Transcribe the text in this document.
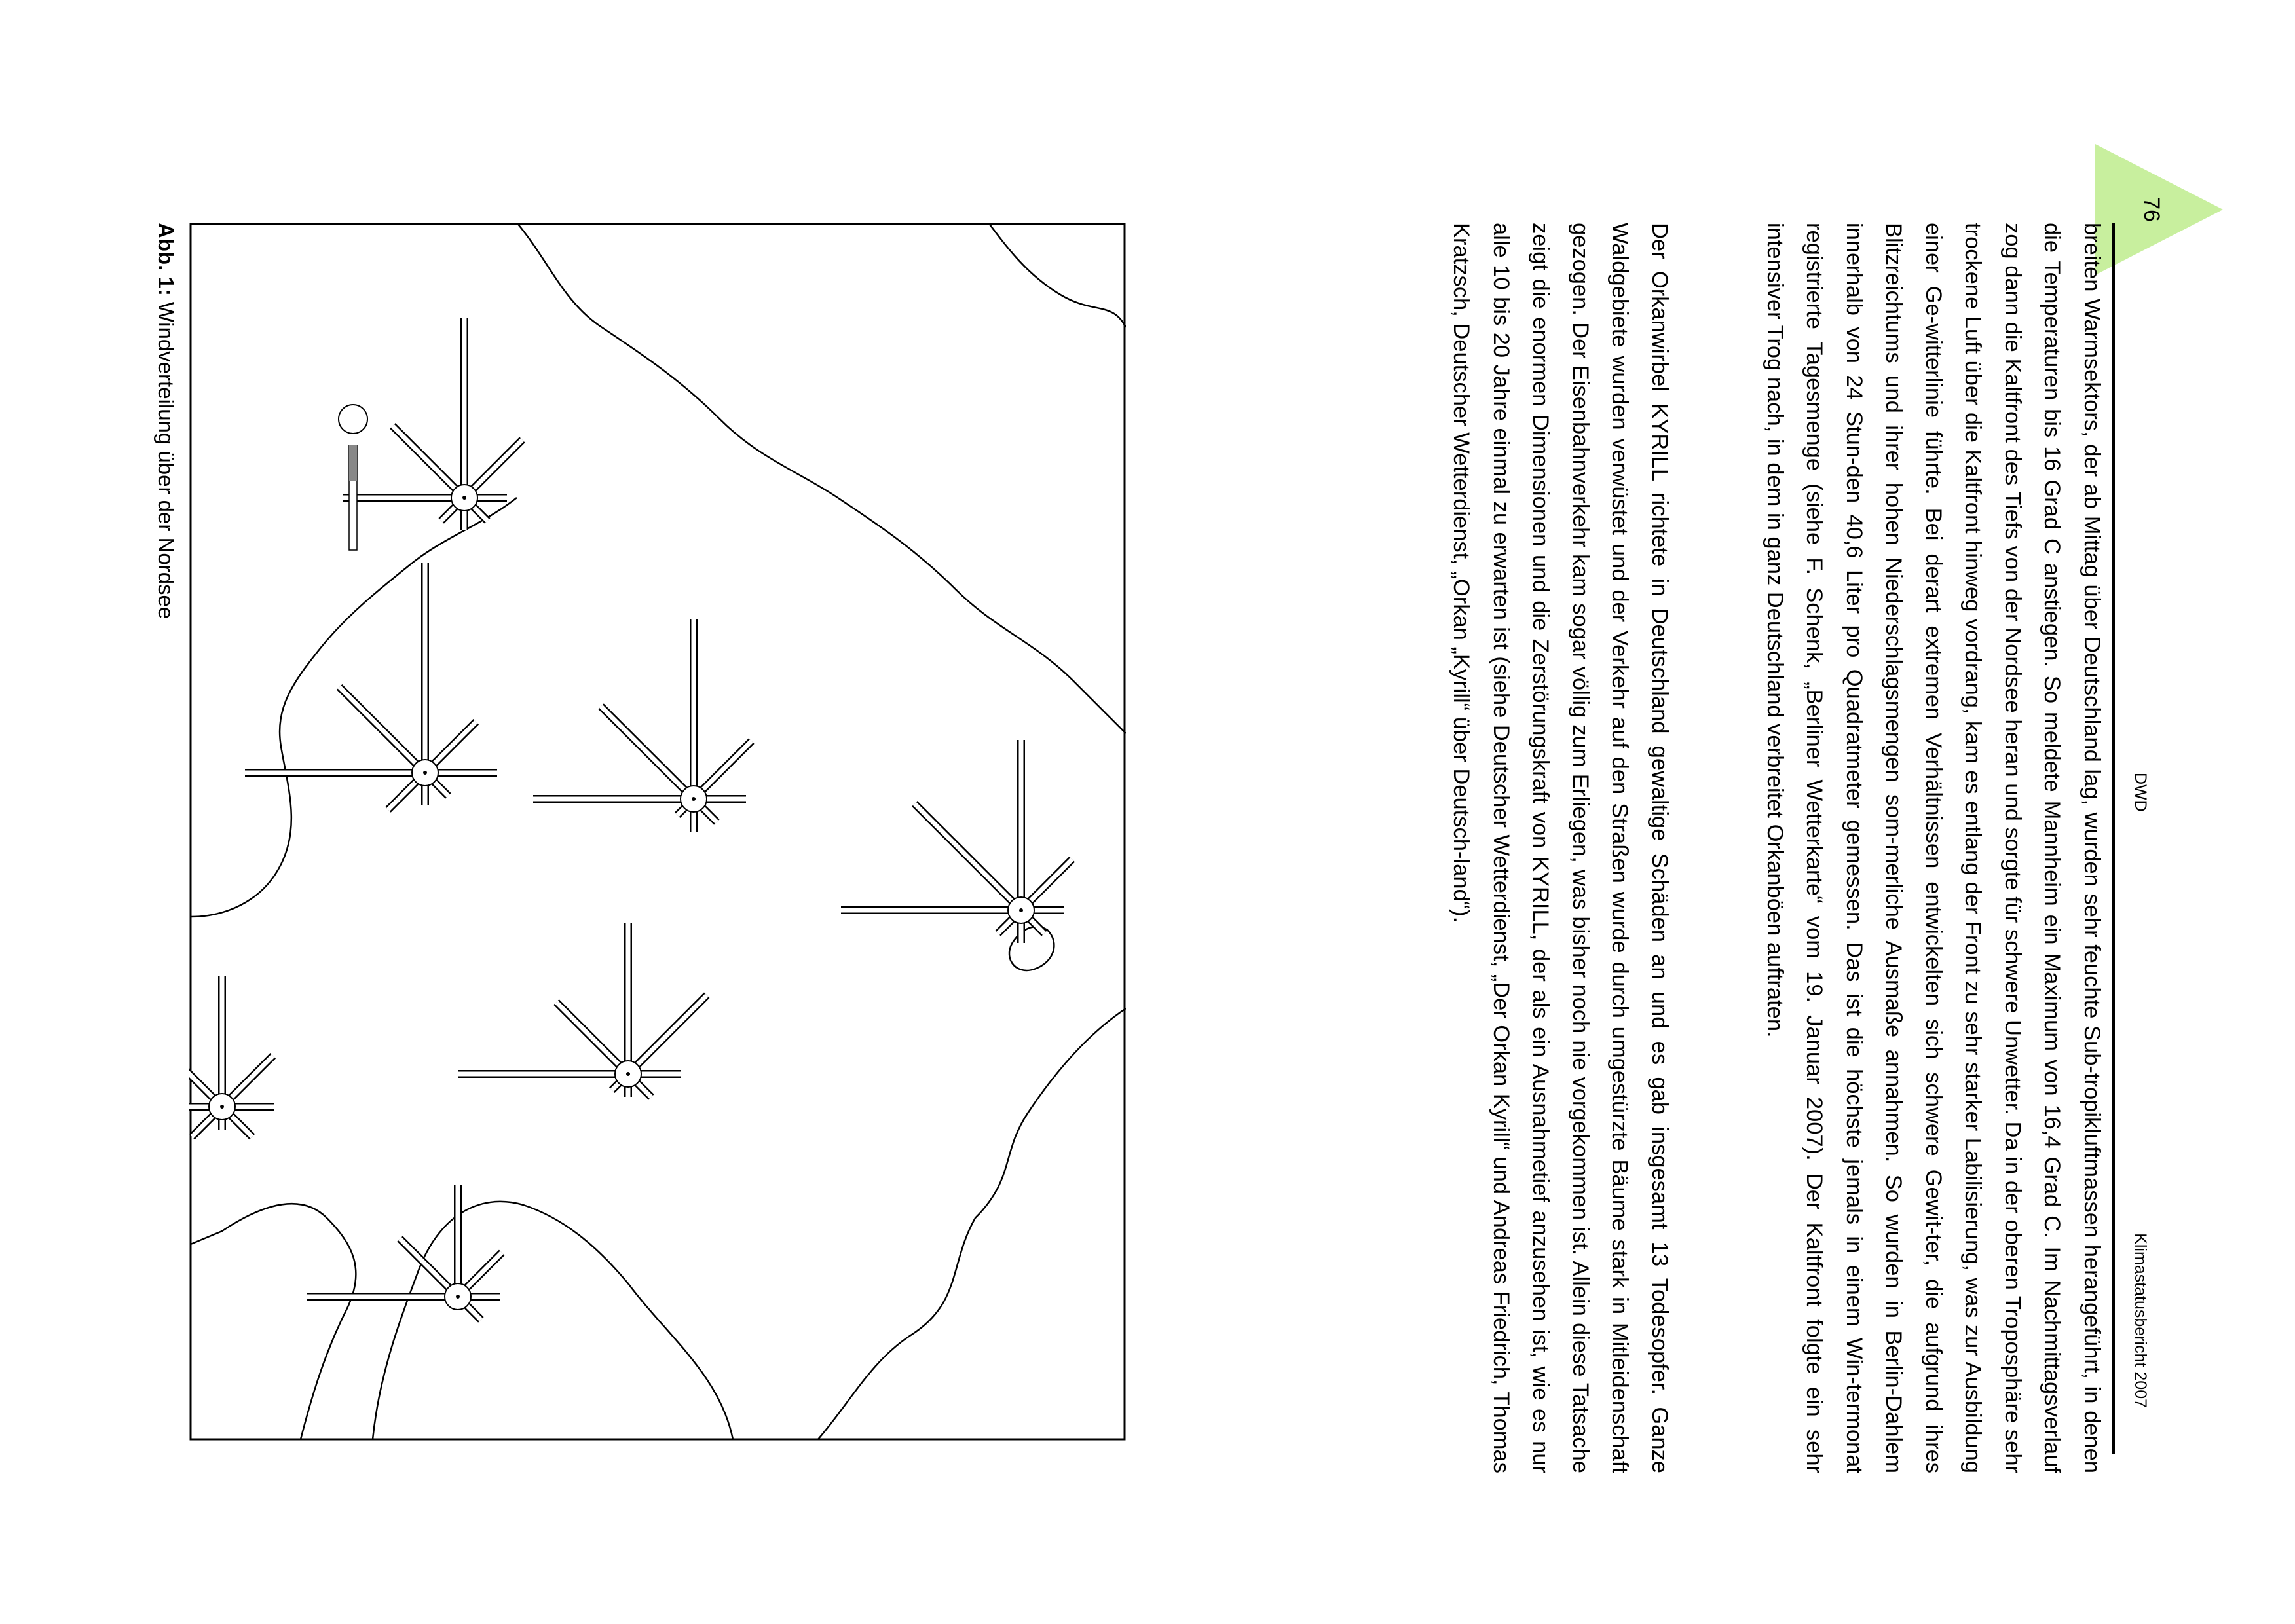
76
DWD
Klimastatusbericht 2007

breiten Warmsektors, der ab Mittag über Deutschland lag, wurden sehr feuchte Sub-tropikluftmassen herangeführt, in denen die Temperaturen bis 16 Grad C anstiegen. So meldete Mannheim ein Maximum von 16,4 Grad C. Im Nachmittagsverlauf zog dann die Kaltfront des Tiefs von der Nordsee heran und sorgte für schwere Unwetter. Da in der oberen Troposphäre sehr trockene Luft über die Kaltfront hinweg vordrang, kam es entlang der Front zu sehr starker Labilisierung, was zur Ausbildung einer Ge-witterlinie führte. Bei derart extremen Verhältnissen entwickelten sich schwere Gewit-ter, die aufgrund ihres Blitzreichtums und ihrer hohen Niederschlagsmengen som-merliche Ausmaße annahmen. So wurden in Berlin-Dahlem innerhalb von 24 Stun-den 40,6 Liter pro Quadratmeter gemessen. Das ist die höchste jemals in einem Win-termonat registrierte Tagesmenge (siehe F. Schenk, „Berliner Wetterkarte“ vom 19. Januar 2007). Der Kaltfront folgte ein sehr intensiver Trog nach, in dem in ganz Deutschland verbreitet Orkanböen auftraten.

Der Orkanwirbel KYRILL richtete in Deutschland gewaltige Schäden an und es gab insgesamt 13 Todesopfer. Ganze Waldgebiete wurden verwüstet und der Verkehr auf den Straßen wurde durch umgestürzte Bäume stark in Mitleidenschaft gezogen. Der Eisenbahnverkehr kam sogar völlig zum Erliegen, was bisher noch nie vorgekommen ist. Allein diese Tatsache zeigt die enormen Dimensionen und die Zerstörungskraft von KYRILL, der als ein Ausnahmetief anzusehen ist, wie es nur alle 10 bis 20 Jahre einmal zu erwarten ist (siehe Deutscher Wetterdienst, „Der Orkan Kyrill“ und Andreas Friedrich, Thomas Kratzsch, Deutscher Wetterdienst, „Orkan „Kyrill“ über Deutsch-land“).

Abb. 1: Windverteilung über der Nordsee
